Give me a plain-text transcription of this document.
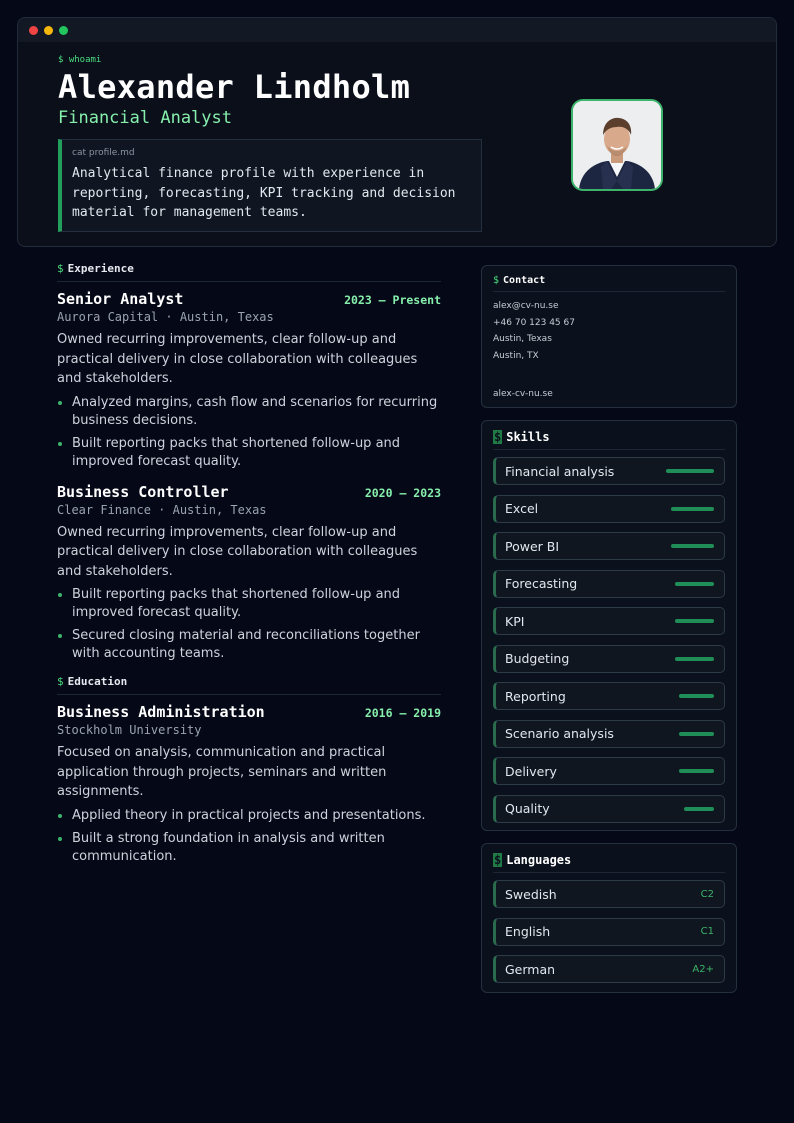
$ whoami
Alexander Lindholm
Financial Analyst
cat profile.md
Analytical finance profile with experience in reporting, forecasting, KPI tracking and decision material for management teams.
$ Experience
Senior Analyst	2023 – Present
Aurora Capital · Austin, Texas
Owned recurring improvements, clear follow-up and practical delivery in close collaboration with colleagues and stakeholders.
Analyzed margins, cash flow and scenarios for recurring business decisions.
Built reporting packs that shortened follow-up and improved forecast quality.
Business Controller	2020 – 2023
Clear Finance · Austin, Texas
Owned recurring improvements, clear follow-up and practical delivery in close collaboration with colleagues and stakeholders.
Built reporting packs that shortened follow-up and improved forecast quality.
Secured closing material and reconciliations together with accounting teams.
$ Education
Business Administration	2016 – 2019
Stockholm University
Focused on analysis, communication and practical application through projects, seminars and written assignments.
Applied theory in practical projects and presentations.
Built a strong foundation in analysis and written communication.
$ Contact
alex@cv-nu.se
+46 70 123 45 67
Austin, Texas
Austin, TX
alex-cv-nu.se
$ Skills
Financial analysis
Excel
Power BI
Forecasting
KPI
Budgeting
Reporting
Scenario analysis
Delivery
Quality
$ Languages
Swedish	C2
English	C1
German	A2+
